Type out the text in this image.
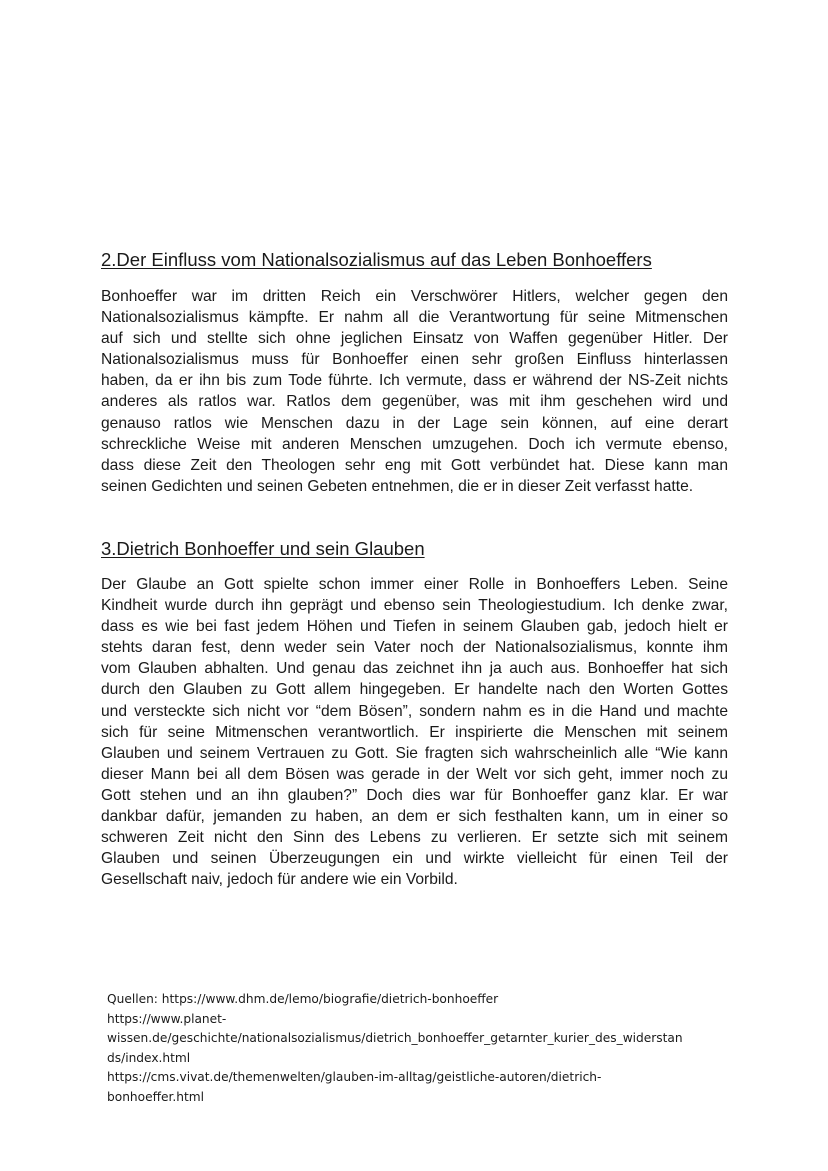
2.Der Einfluss vom Nationalsozialismus auf das Leben Bonhoeffers
Bonhoeffer war im dritten Reich ein Verschwörer Hitlers, welcher gegen den
Nationalsozialismus kämpfte. Er nahm all die Verantwortung für seine Mitmenschen
auf sich und stellte sich ohne jeglichen Einsatz von Waffen gegenüber Hitler. Der
Nationalsozialismus muss für Bonhoeffer einen sehr großen Einfluss hinterlassen
haben, da er ihn bis zum Tode führte. Ich vermute, dass er während der NS-Zeit nichts
anderes als ratlos war. Ratlos dem gegenüber, was mit ihm geschehen wird und
genauso ratlos wie Menschen dazu in der Lage sein können, auf eine derart
schreckliche Weise mit anderen Menschen umzugehen. Doch ich vermute ebenso,
dass diese Zeit den Theologen sehr eng mit Gott verbündet hat. Diese kann man
seinen Gedichten und seinen Gebeten entnehmen, die er in dieser Zeit verfasst hatte.
3.Dietrich Bonhoeffer und sein Glauben
Der Glaube an Gott spielte schon immer einer Rolle in Bonhoeffers Leben. Seine
Kindheit wurde durch ihn geprägt und ebenso sein Theologiestudium. Ich denke zwar,
dass es wie bei fast jedem Höhen und Tiefen in seinem Glauben gab, jedoch hielt er
stehts daran fest, denn weder sein Vater noch der Nationalsozialismus, konnte ihm
vom Glauben abhalten. Und genau das zeichnet ihn ja auch aus. Bonhoeffer hat sich
durch den Glauben zu Gott allem hingegeben. Er handelte nach den Worten Gottes
und versteckte sich nicht vor “dem Bösen”, sondern nahm es in die Hand und machte
sich für seine Mitmenschen verantwortlich. Er inspirierte die Menschen mit seinem
Glauben und seinem Vertrauen zu Gott. Sie fragten sich wahrscheinlich alle “Wie kann
dieser Mann bei all dem Bösen was gerade in der Welt vor sich geht, immer noch zu
Gott stehen und an ihn glauben?” Doch dies war für Bonhoeffer ganz klar. Er war
dankbar dafür, jemanden zu haben, an dem er sich festhalten kann, um in einer so
schweren Zeit nicht den Sinn des Lebens zu verlieren. Er setzte sich mit seinem
Glauben und seinen Überzeugungen ein und wirkte vielleicht für einen Teil der
Gesellschaft naiv, jedoch für andere wie ein Vorbild.
Quellen: https://www.dhm.de/lemo/biografie/dietrich-bonhoeffer
https://www.planet-
wissen.de/geschichte/nationalsozialismus/dietrich_bonhoeffer_getarnter_kurier_des_widerstan
ds/index.html
https://cms.vivat.de/themenwelten/glauben-im-alltag/geistliche-autoren/dietrich-
bonhoeffer.html
